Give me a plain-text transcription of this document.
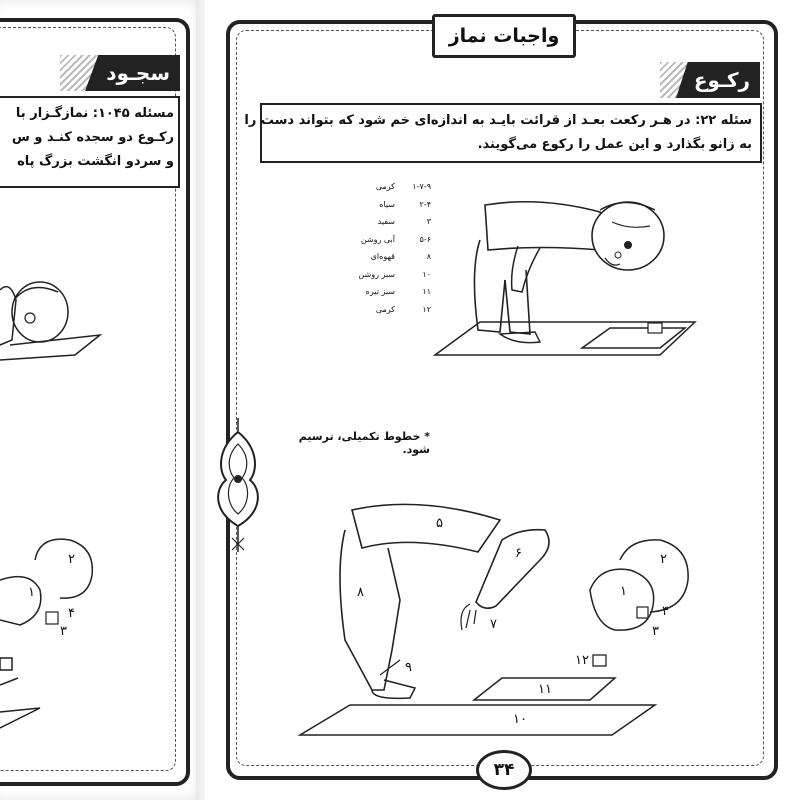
سجـود
مسئله ۱۰۴۵: نمازگـزار با
رکـوع دو سجده کنـد و س
و سردو انگشت بزرگ پاه
۲
۱
۴
۳
واجبات نماز
رکـوع
سئله ۲۲: در هـر رکعت بعـد از قرائت بایـد به اندازه‌ای خم شود که بتواند دست را
به زانو بگذارد و این عمل را رکوع می‌گویند.
۱-۷-۹
کرمی
۲-۴
سیاه
۳
سفید
۵-۶
آبی روشن
۸
قهوه‌ای
۱۰
سبز روشن
۱۱
سبز تیره
۱۲
کرمی
* خطوط تکمیلی، ترسیم شود.
۵
۶
۷
۸
۹
۱۰
۱۱
۱۲
۲
۱
۴
۳
۳۴
